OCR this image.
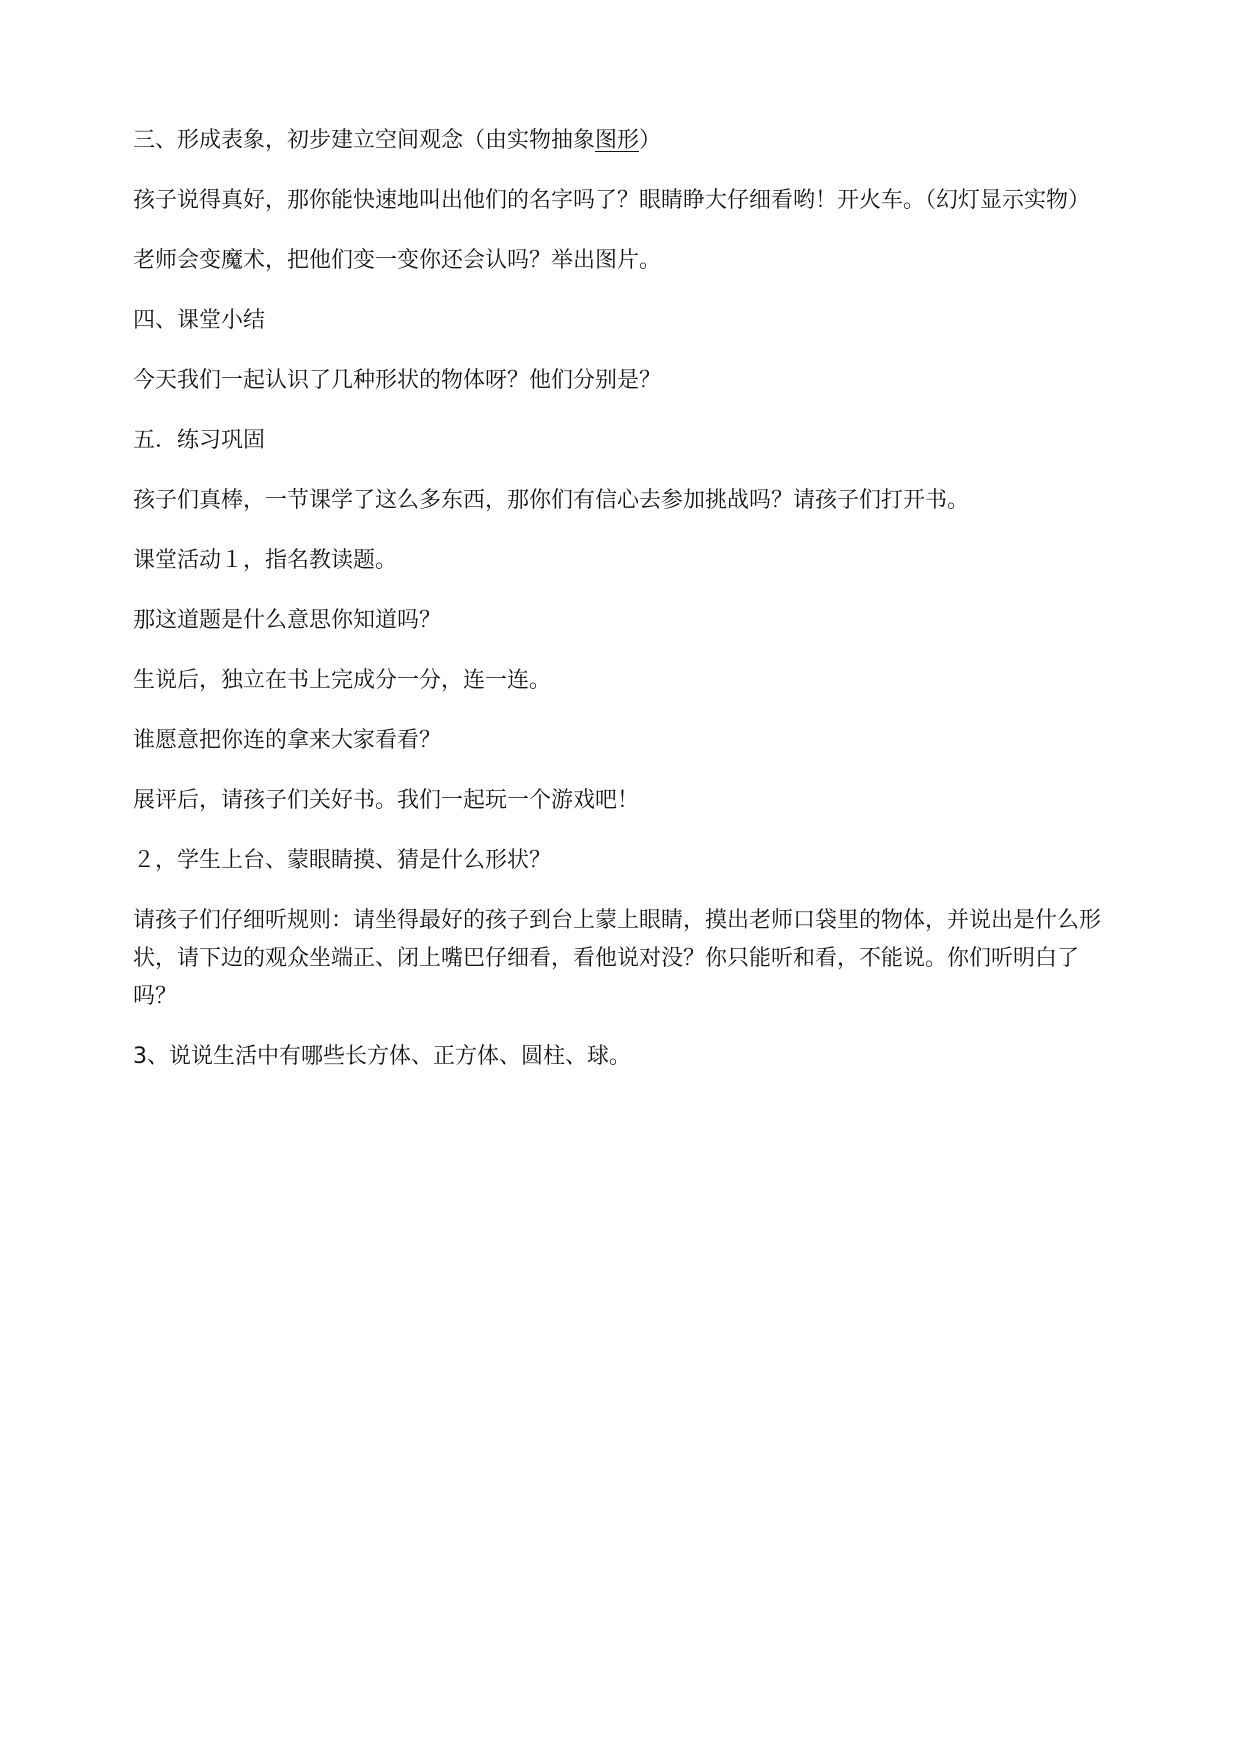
三、形成表象，初步建立空间观念（由实物抽象图形）

孩子说得真好，那你能快速地叫出他们的名字吗了？眼睛睁大仔细看哟！开火车。（幻灯显示实物）

老师会变魔术，把他们变一变你还会认吗？举出图片。

四、课堂小结

今天我们一起认识了几种形状的物体呀？他们分别是？

五．练习巩固

孩子们真棒，一节课学了这么多东西，那你们有信心去参加挑战吗？请孩子们打开书。

课堂活动１，指名教读题。

那这道题是什么意思你知道吗？

生说后，独立在书上完成分一分，连一连。

谁愿意把你连的拿来大家看看？

展评后，请孩子们关好书。我们一起玩一个游戏吧！

２，学生上台、蒙眼睛摸、猜是什么形状？

请孩子们仔细听规则：请坐得最好的孩子到台上蒙上眼睛，摸出老师口袋里的物体，并说出是什么形状，请下边的观众坐端正、闭上嘴巴仔细看，看他说对没？你只能听和看，不能说。你们听明白了吗？

3、说说生活中有哪些长方体、正方体、圆柱、球。
